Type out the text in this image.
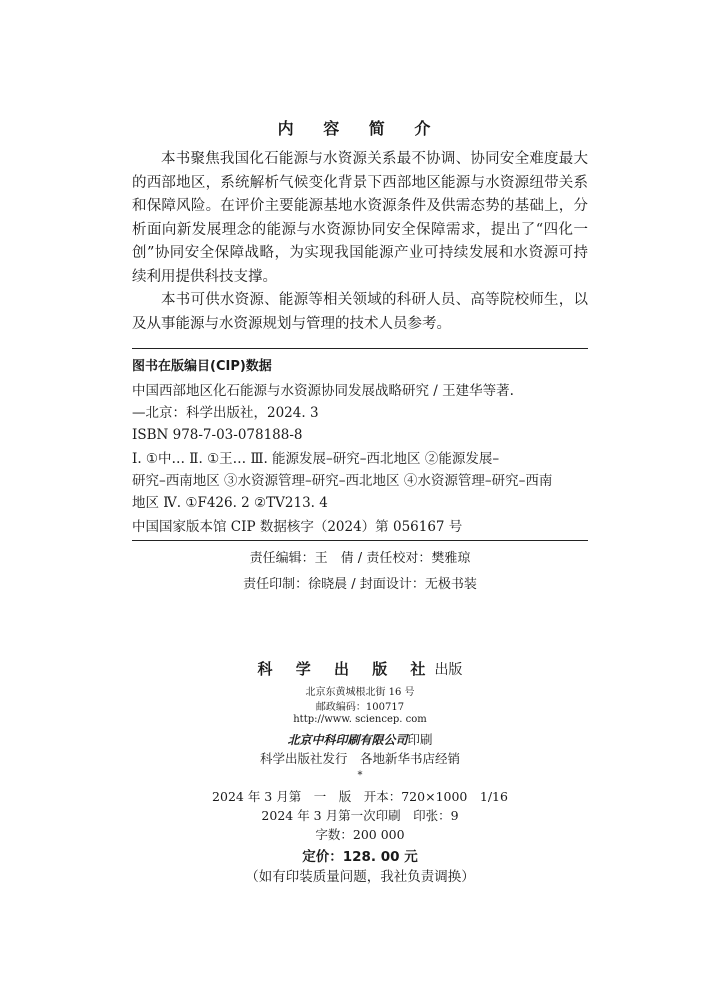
内 容 简 介

本书聚焦我国化石能源与水资源关系最不协调、协同安全难度最大的西部地区，系统解析气候变化背景下西部地区能源与水资源纽带关系和保障风险。在评价主要能源基地水资源条件及供需态势的基础上，分析面向新发展理念的能源与水资源协同安全保障需求，提出了“四化一创”协同安全保障战略，为实现我国能源产业可持续发展和水资源可持续利用提供科技支撑。

本书可供水资源、能源等相关领域的科研人员、高等院校师生，以及从事能源与水资源规划与管理的技术人员参考。

图书在版编目(CIP)数据
中国西部地区化石能源与水资源协同发展战略研究 / 王建华等著.
—北京：科学出版社，2024. 3
ISBN 978-7-03-078188-8
Ⅰ. ①中… Ⅱ. ①王… Ⅲ. 能源发展–研究–西北地区 ②能源发展–
研究–西南地区 ③水资源管理–研究–西北地区 ④水资源管理–研究–西南
地区 Ⅳ. ①F426. 2 ②TV213. 4
中国国家版本馆 CIP 数据核字（2024）第 056167 号
责任编辑：王　倩 / 责任校对：樊雅琼
责任印制：徐晓晨 / 封面设计：无极书装
科 学 出 版 社出版
北京东黄城根北街 16 号
邮政编码：100717
http://www. sciencep. com
北京中科印刷有限公司印刷
科学出版社发行　各地新华书店经销
*
2024 年 3 月第　一　版　开本：720×1000　1/16
2024 年 3 月第一次印刷　印张：9
字数：200 000
定价：128. 00 元
（如有印装质量问题，我社负责调换）
